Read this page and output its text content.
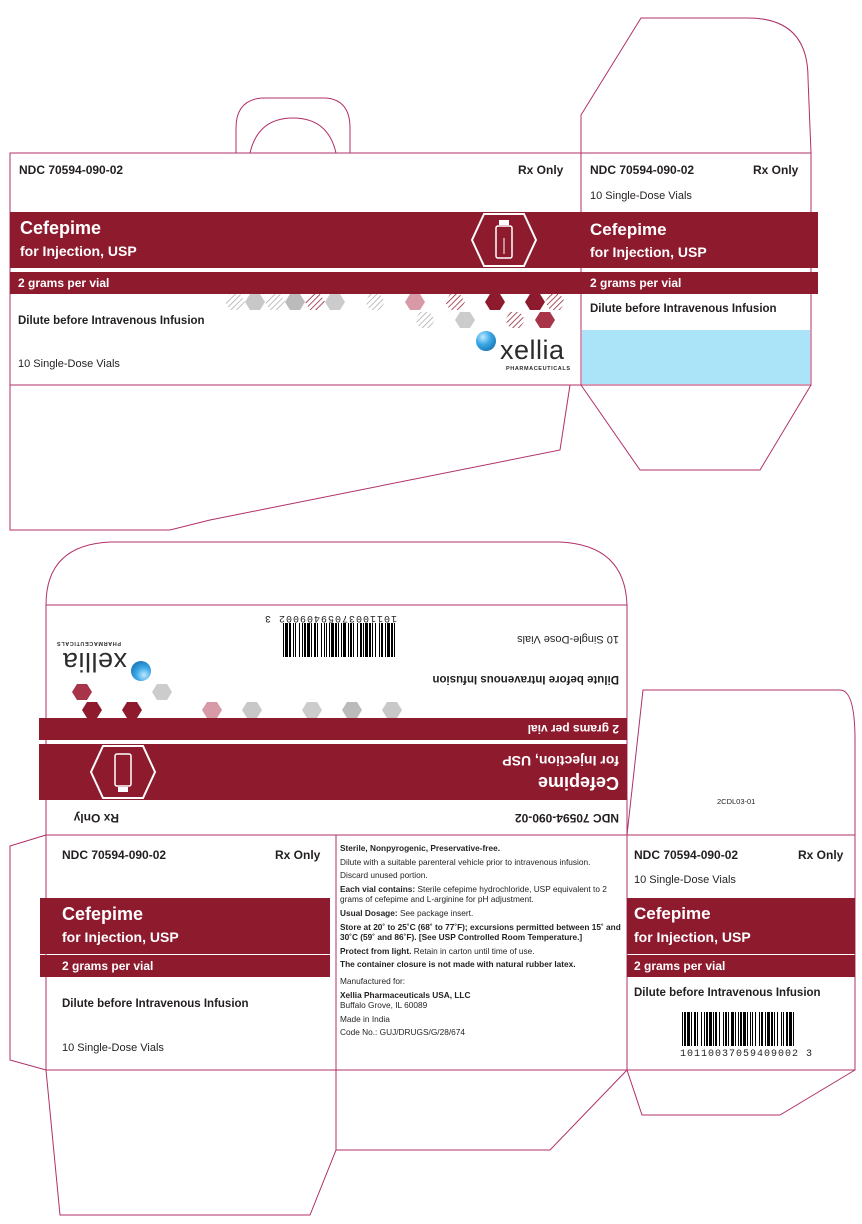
NDC 70594-090-02	Rx Only
Cefepime
for Injection, USP
2 grams per vial
Dilute before Intravenous Infusion
10 Single-Dose Vials	xellia
PHARMACEUTICALS
NDC 70594-090-02	Rx Only
10 Single-Dose Vials
Cefepime
for Injection, USP
2 grams per vial
Dilute before Intravenous Infusion
NDC 70594-090-02
Rx Only
Cefepime
for Injection, USP
2 grams per vial
Dilute before Intravenous Infusion
10 Single-Dose Vials
10110037059409002 3
xellia
PHARMACEUTICALS
2CDL03-01
NDC 70594-090-02	Rx Only
Cefepime
for Injection, USP
2 grams per vial
Dilute before Intravenous Infusion
10 Single-Dose Vials

Sterile, Nonpyrogenic, Preservative-free.

Dilute with a suitable parenteral vehicle prior to intravenous infusion.

Discard unused portion.

Each vial contains: Sterile cefepime hydrochloride, USP equivalent to 2 grams of cefepime and L-arginine for pH adjustment.

Usual Dosage: See package insert.

Store at 20˚ to 25˚C (68˚ to 77˚F); excursions permitted between 15˚ and 30˚C (59˚ and 86˚F). [See USP Controlled Room Temperature.]

Protect from light. Retain in carton until time of use.

The container closure is not made with natural rubber latex.

Manufactured for:

Xellia Pharmaceuticals USA, LLC

Buffalo Grove, IL 60089

Made in India

Code No.: GUJ/DRUGS/G/28/674

NDC 70594-090-02	Rx Only
10 Single-Dose Vials
Cefepime
for Injection, USP
2 grams per vial
Dilute before Intravenous Infusion
10110037059409002 3
